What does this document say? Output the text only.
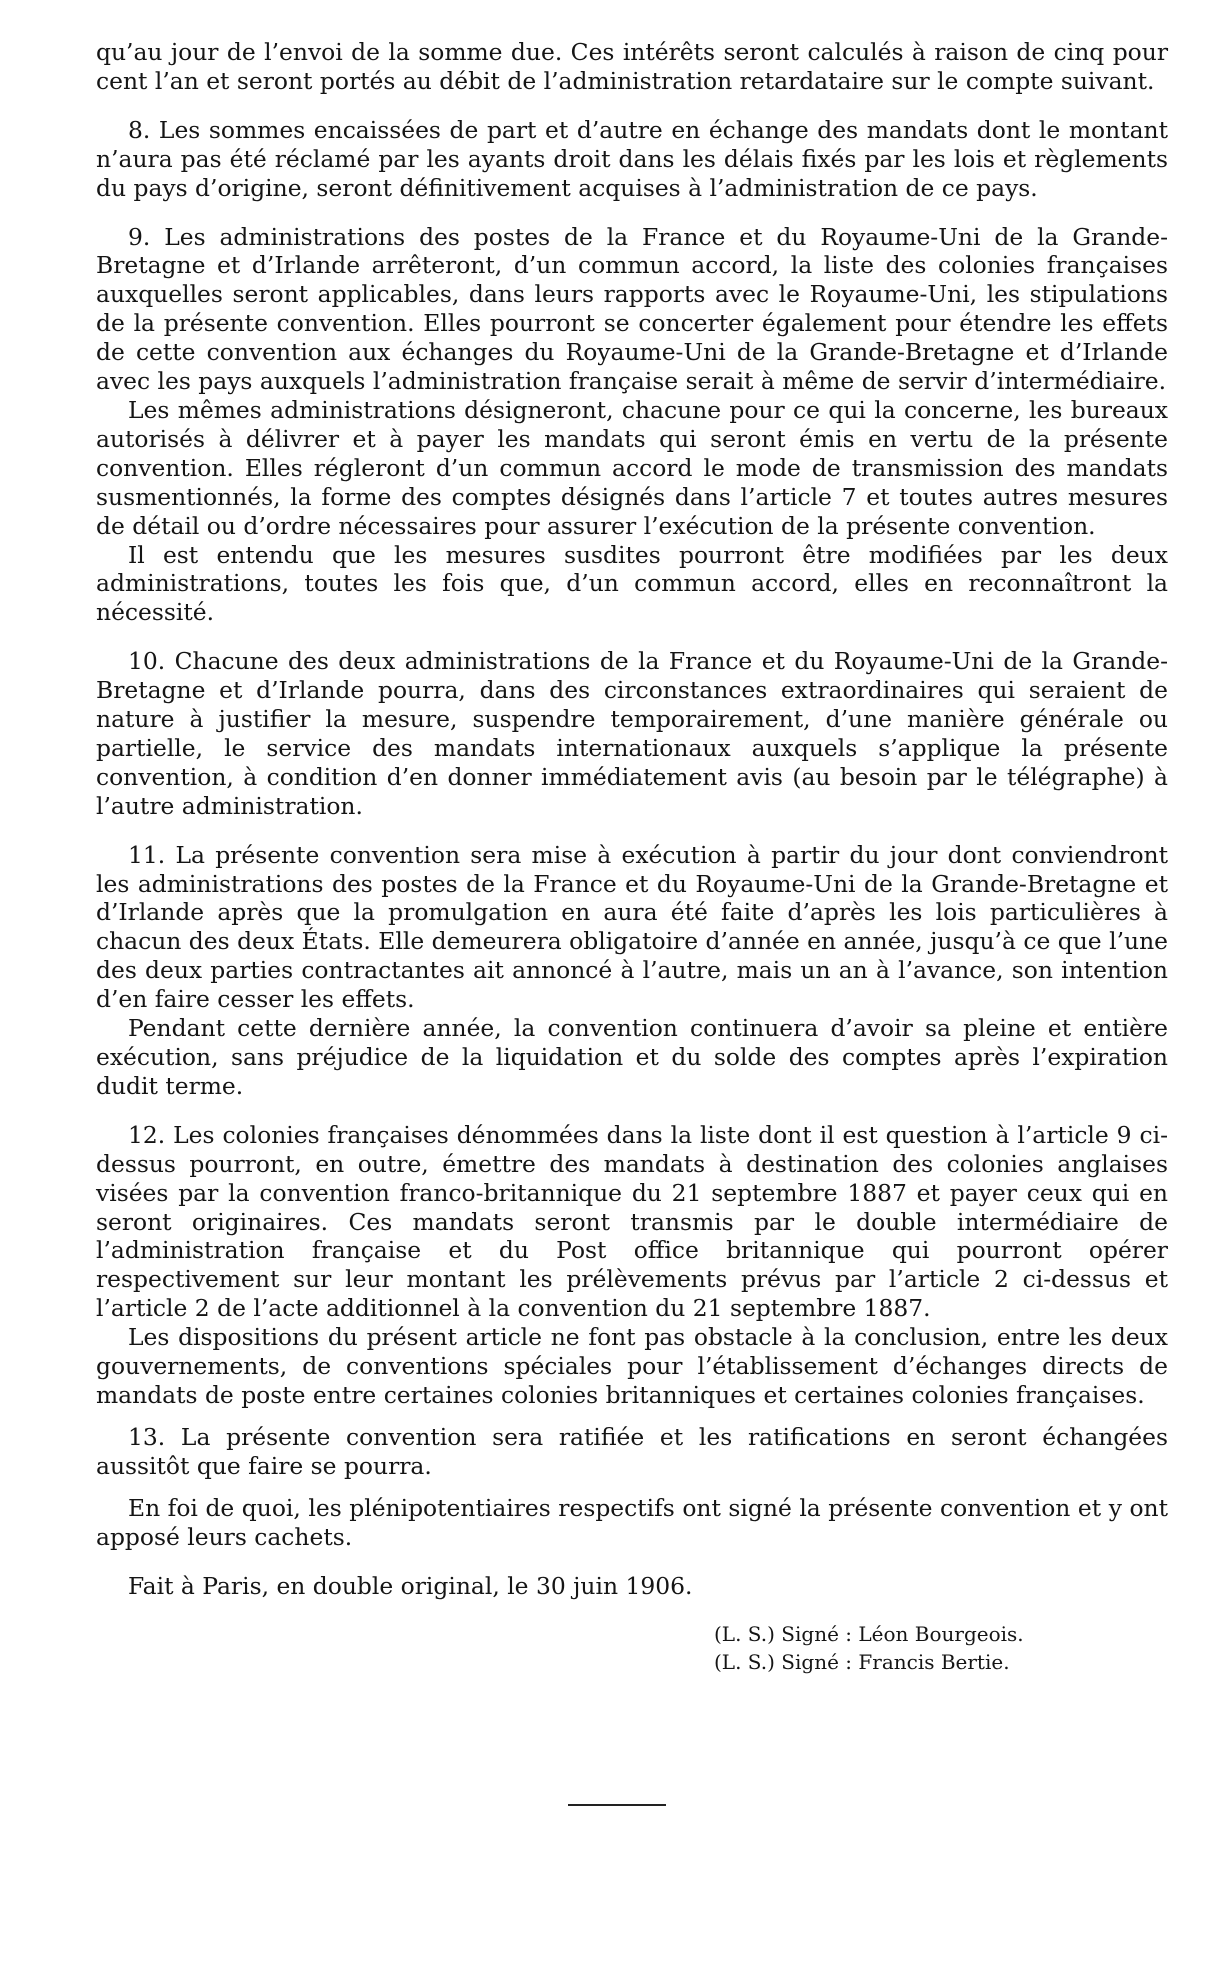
qu’au jour de l’envoi de la somme due. Ces intérêts seront calculés à raison de cinq pour cent l’an et seront portés au débit de l’administration retardataire sur le compte suivant.

8. Les sommes encaissées de part et d’autre en échange des mandats dont le montant n’aura pas été réclamé par les ayants droit dans les délais fixés par les lois et règlements du pays d’origine, seront définitivement acquises à l’administration de ce pays.

9. Les administrations des postes de la France et du Royaume-Uni de la Grande-Bretagne et d’Irlande arrêteront, d’un commun accord, la liste des colonies françaises auxquelles seront applicables, dans leurs rapports avec le Royaume-Uni, les stipulations de la présente convention. Elles pourront se concerter également pour étendre les effets de cette convention aux échanges du Royaume-Uni de la Grande-Bretagne et d’Irlande avec les pays auxquels l’administration française serait à même de servir d’intermédiaire.

Les mêmes administrations désigneront, chacune pour ce qui la concerne, les bureaux autorisés à délivrer et à payer les mandats qui seront émis en vertu de la présente convention. Elles régleront d’un commun accord le mode de transmission des mandats susmentionnés, la forme des comptes désignés dans l’article 7 et toutes autres mesures de détail ou d’ordre nécessaires pour assurer l’exécution de la présente convention.

Il est entendu que les mesures susdites pourront être modifiées par les deux administrations, toutes les fois que, d’un commun accord, elles en reconnaîtront la nécessité.

10. Chacune des deux administrations de la France et du Royaume-Uni de la Grande-Bretagne et d’Irlande pourra, dans des circonstances extraordinaires qui seraient de nature à justifier la mesure, suspendre temporairement, d’une manière générale ou partielle, le service des mandats internationaux auxquels s’applique la présente convention, à condition d’en donner immédiatement avis (au besoin par le télégraphe) à l’autre administration.

11. La présente convention sera mise à exécution à partir du jour dont conviendront les administrations des postes de la France et du Royaume-Uni de la Grande-Bretagne et d’Irlande après que la promulgation en aura été faite d’après les lois particulières à chacun des deux États. Elle demeurera obligatoire d’année en année, jusqu’à ce que l’une des deux parties contractantes ait annoncé à l’autre, mais un an à l’avance, son intention d’en faire cesser les effets.

Pendant cette dernière année, la convention continuera d’avoir sa pleine et entière exécution, sans préjudice de la liquidation et du solde des comptes après l’expiration dudit terme.

12. Les colonies françaises dénommées dans la liste dont il est question à l’article 9 ci-dessus pourront, en outre, émettre des mandats à destination des colonies anglaises visées par la convention franco-britannique du 21 septembre 1887 et payer ceux qui en seront originaires. Ces mandats seront transmis par le double intermédiaire de l’administration française et du Post office britannique qui pourront opérer respectivement sur leur montant les prélèvements prévus par l’article 2 ci-dessus et l’article 2 de l’acte additionnel à la convention du 21 septembre 1887.

Les dispositions du présent article ne font pas obstacle à la conclusion, entre les deux gouvernements, de conventions spéciales pour l’établissement d’échanges directs de mandats de poste entre certaines colonies britanniques et certaines colonies françaises.

13. La présente convention sera ratifiée et les ratifications en seront échangées aussitôt que faire se pourra.

En foi de quoi, les plénipotentiaires respectifs ont signé la présente convention et y ont apposé leurs cachets.

Fait à Paris, en double original, le 30 juin 1906.

(L. S.) Signé : Léon Bourgeois.
(L. S.) Signé : Francis Bertie.
